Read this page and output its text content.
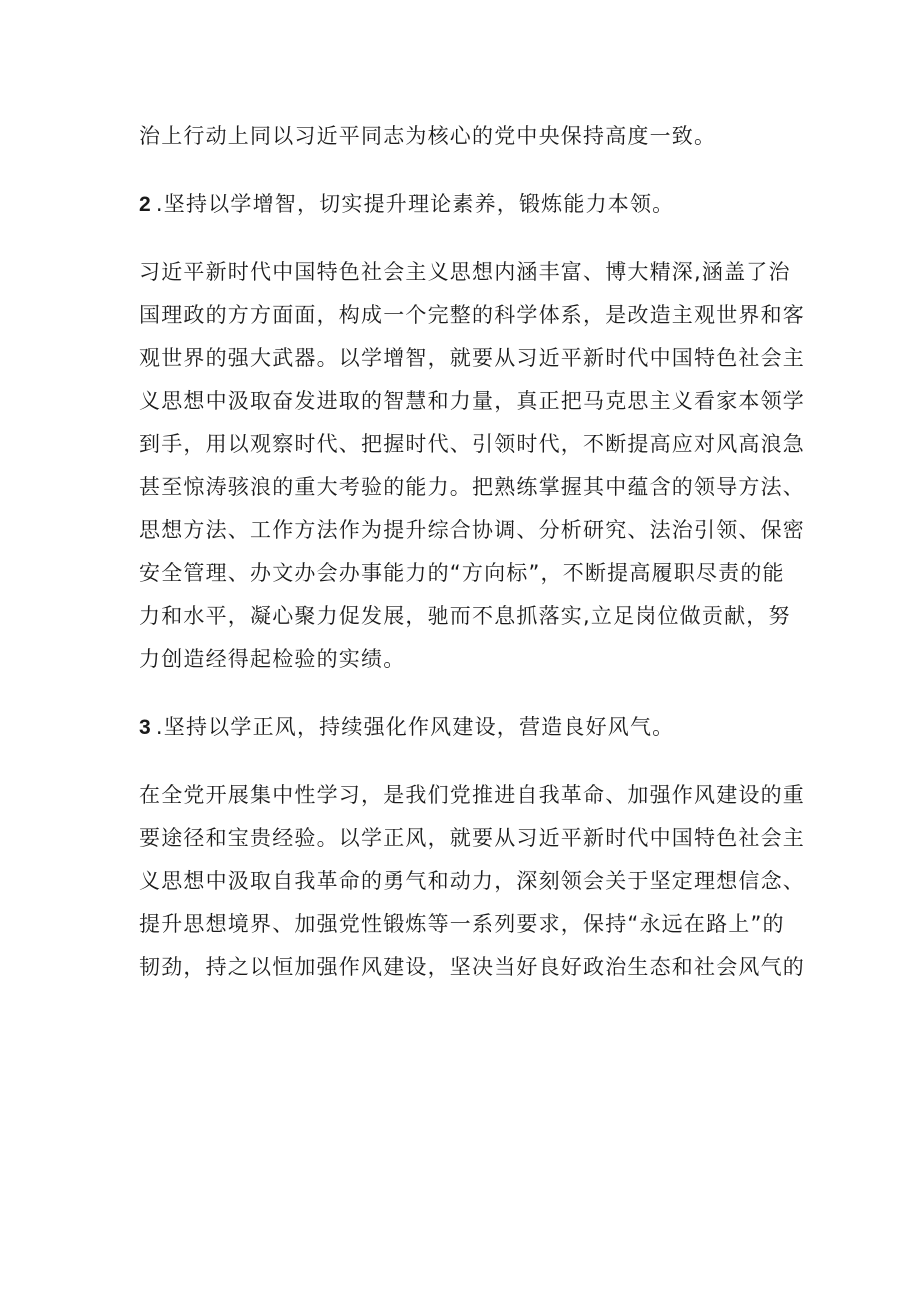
治上行动上同以习近平同志为核心的党中央保持高度一致。
2 .坚持以学增智，切实提升理论素养，锻炼能力本领。
习近平新时代中国特色社会主义思想内涵丰富、博大精深,涵盖了治
国理政的方方面面，构成一个完整的科学体系，是改造主观世界和客
观世界的强大武器。以学增智，就要从习近平新时代中国特色社会主
义思想中汲取奋发进取的智慧和力量，真正把马克思主义看家本领学
到手，用以观察时代、把握时代、引领时代，不断提高应对风高浪急
甚至惊涛骇浪的重大考验的能力。把熟练掌握其中蕴含的领导方法、
思想方法、工作方法作为提升综合协调、分析研究、法治引领、保密
安全管理、办文办会办事能力的“方向标”，不断提高履职尽责的能
力和水平，凝心聚力促发展，驰而不息抓落实,立足岗位做贡献，努
力创造经得起检验的实绩。
3 .坚持以学正风，持续强化作风建设，营造良好风气。
在全党开展集中性学习，是我们党推进自我革命、加强作风建设的重
要途径和宝贵经验。以学正风，就要从习近平新时代中国特色社会主
义思想中汲取自我革命的勇气和动力，深刻领会关于坚定理想信念、
提升思想境界、加强党性锻炼等一系列要求，保持“永远在路上”的
韧劲，持之以恒加强作风建设，坚决当好良好政治生态和社会风气的
